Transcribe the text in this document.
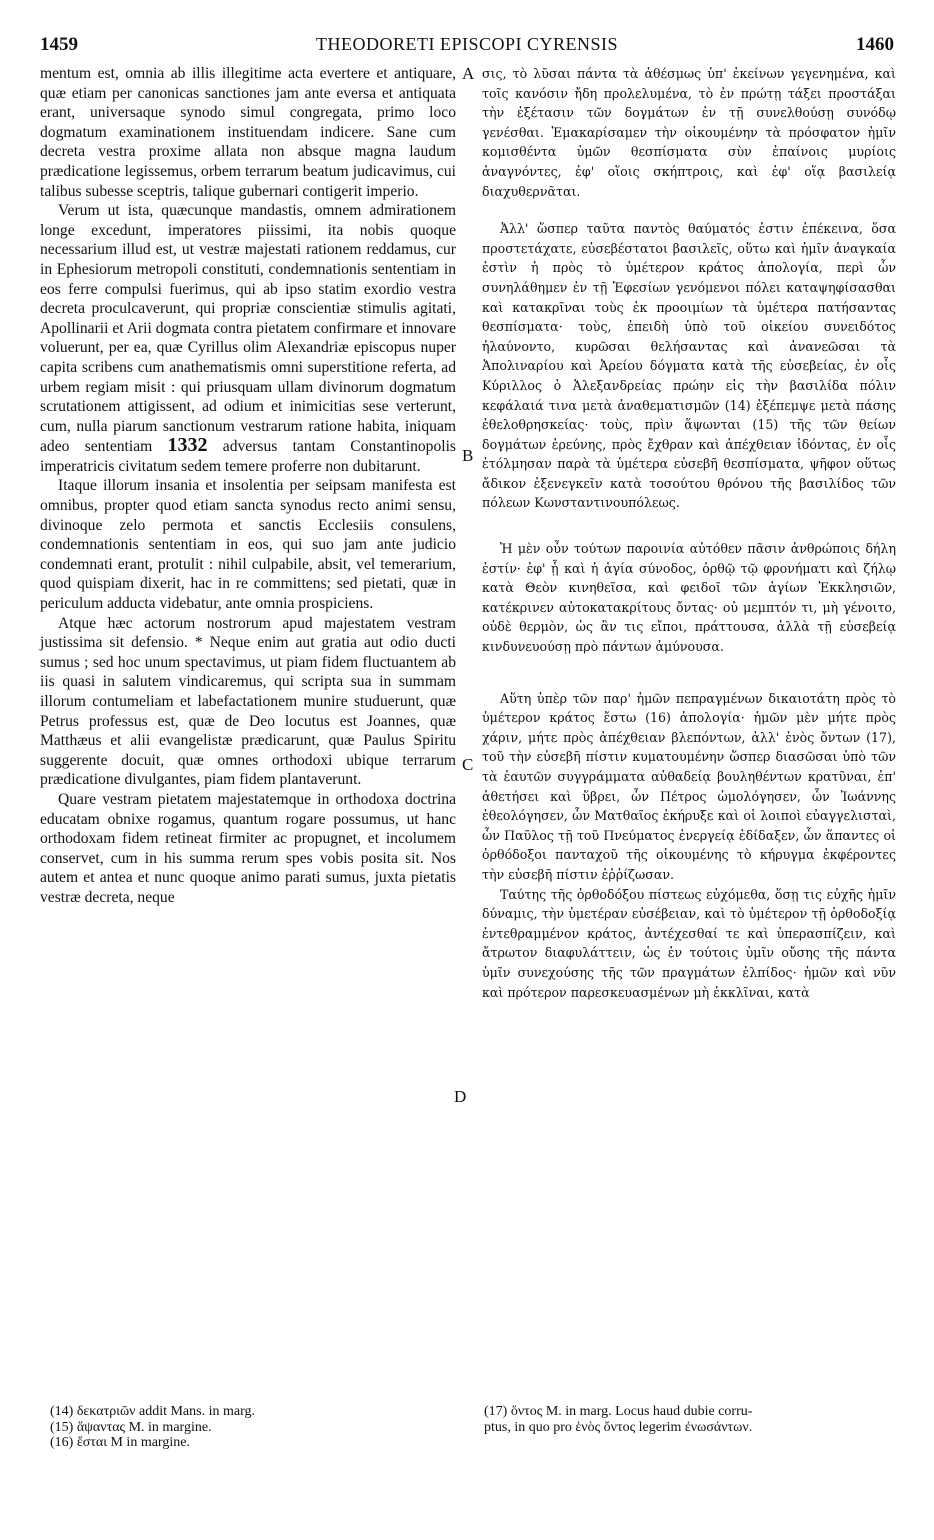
1459	THEODORETI EPISCOPI CYRENSIS	1460
A
B
C
D

mentum est, omnia ab illis illegitime acta evertere et antiquare, quæ etiam per canonicas sanctiones jam ante eversa et antiquata erant, universaque synodo simul congregata, primo loco dogmatum examinationem instituendam indicere. Sane cum decreta vestra proxime allata non absque magna laudum prædicatione legissemus, orbem terrarum beatum judicavimus, cui talibus subesse sceptris, talique gubernari contigerit imperio.

Verum ut ista, quæcunque mandastis, omnem admirationem longe excedunt, imperatores piissimi, ita nobis quoque necessarium illud est, ut vestræ majestati rationem reddamus, cur in Ephesiorum metropoli constituti, condemnationis sententiam in eos ferre compulsi fuerimus, qui ab ipso statim exordio vestra decreta proculcaverunt, qui propriæ conscientiæ stimulis agitati, Apollinarii et Arii dogmata contra pietatem confirmare et innovare voluerunt, per ea, quæ Cyrillus olim Alexandriæ episcopus nuper capita scribens cum anathematismis omni superstitione referta, ad urbem regiam misit : qui priusquam ullam divinorum dogmatum scrutationem attigissent, ad odium et inimicitias sese verterunt, cum, nulla piarum sanctionum vestrarum ratione habita, iniquam adeo sententiam 1332 adversus tantam Constantinopolis imperatricis civitatum sedem temere proferre non dubitarunt.

Itaque illorum insania et insolentia per seipsam manifesta est omnibus, propter quod etiam sancta synodus recto animi sensu, divinoque zelo permota et sanctis Ecclesiis consulens, condemnationis sententiam in eos, qui suo jam ante judicio condemnati erant, protulit : nihil culpabile, absit, vel temerarium, quod quispiam dixerit, hac in re committens; sed pietati, quæ in periculum adducta videbatur, ante omnia prospiciens.

Atque hæc actorum nostrorum apud majestatem vestram justissima sit defensio. * Neque enim aut gratia aut odio ducti sumus ; sed hoc unum spectavimus, ut piam fidem fluctuantem ab iis quasi in salutem vindicaremus, qui scripta sua in summam illorum contumeliam et labefactationem munire studuerunt, quæ Petrus professus est, quæ de Deo locutus est Joannes, quæ Matthæus et alii evangelistæ prædicarunt, quæ Paulus Spiritu suggerente docuit, quæ omnes orthodoxi ubique terrarum prædicatione divulgantes, piam fidem plantaverunt.

Quare vestram pietatem majestatemque in orthodoxa doctrina educatam obnixe rogamus, quantum rogare possumus, ut hanc orthodoxam fidem retineat firmiter ac propugnet, et incolumem conservet, cum in his summa rerum spes vobis posita sit. Nos autem et antea et nunc quoque animo parati sumus, juxta pietatis vestræ decreta, neque

σις, τὸ λῦσαι πάντα τὰ ἀθέσμως ὑπ' ἐκείνων γεγενημένα, καὶ τοῖς κανόσιν ἤδη προλελυμένα, τὸ ἐν πρώτῃ τάξει προστάξαι τὴν ἐξέτασιν τῶν δογμάτων ἐν τῇ συνελθούσῃ συνόδῳ γενέσθαι. Ἐμακαρίσαμεν τὴν οἰκουμένην τὰ πρόσφατον ἡμῖν κομισθέντα ὑμῶν θεσπίσματα σὺν ἐπαίνοις μυρίοις ἀναγνόντες, ἐφ' οἵοις σκήπτροις, καὶ ἐφ' οἵᾳ βασιλείᾳ διαχυθερνᾶται.

Ἀλλ' ὥσπερ ταῦτα παντὸς θαύματός ἐστιν ἐπέκεινα, ὅσα προστετάχατε, εὐσεβέστατοι βασιλεῖς, οὕτω καὶ ἡμῖν ἀναγκαία ἐστὶν ἡ πρὸς τὸ ὑμέτερον κράτος ἀπολογία, περὶ ὧν συνηλάθημεν ἐν τῇ Ἐφεσίων γενόμενοι πόλει καταψηφίσασθαι καὶ κατακρῖναι τοὺς ἐκ προοιμίων τὰ ὑμέτερα πατήσαντας θεσπίσματα· τοὺς, ἐπειδὴ ὑπὸ τοῦ οἰκείου συνειδότος ἠλαύνοντο, κυρῶσαι θελήσαντας καὶ ἀνανεῶσαι τὰ Ἀπολιναρίου καὶ Ἀρείου δόγματα κατὰ τῆς εὐσεβείας, ἐν οἷς Κύριλλος ὁ Ἀλεξανδρείας πρώην εἰς τὴν βασιλίδα πόλιν κεφάλαιά τινα μετὰ ἀναθεματισμῶν (14) ἐξέπεμψε μετὰ πάσης ἐθελοθρησκείας· τοὺς, πρὶν ἅψωνται (15) τῆς τῶν θείων δογμάτων ἐρεύνης, πρὸς ἔχθραν καὶ ἀπέχθειαν ἰδόντας, ἐν οἷς ἐτόλμησαν παρὰ τὰ ὑμέτερα εὐσεβῆ θεσπίσματα, ψῆφον οὕτως ἄδικον ἐξενεγκεῖν κατὰ τοσούτου θρόνου τῆς βασιλίδος τῶν πόλεων Κωνσταντινουπόλεως.

Ἡ μὲν οὖν τούτων παροινία αὐτόθεν πᾶσιν ἀνθρώποις δήλη ἐστίν· ἐφ' ᾗ καὶ ἡ ἁγία σύνοδος, ὀρθῷ τῷ φρονήματι καὶ ζήλῳ κατὰ Θεὸν κινηθεῖσα, καὶ φειδοῖ τῶν ἁγίων Ἐκκλησιῶν, κατέκρινεν αὐτοκατακρίτους ὄντας· οὐ μεμπτόν τι, μὴ γένοιτο, οὐδὲ θερμὸν, ὡς ἂν τις εἴποι, πράττουσα, ἀλλὰ τῇ εὐσεβείᾳ κινδυνευούσῃ πρὸ πάντων ἀμύνουσα.

Αὕτη ὑπὲρ τῶν παρ' ἡμῶν πεπραγμένων δικαιοτάτη πρὸς τὸ ὑμέτερον κράτος ἔστω (16) ἀπολογία· ἡμῶν μὲν μήτε πρὸς χάριν, μήτε πρὸς ἀπέχθειαν βλεπόντων, ἀλλ' ἑνὸς ὄντων (17), τοῦ τὴν εὐσεβῆ πίστιν κυματουμένην ὥσπερ διασῶσαι ὑπὸ τῶν τὰ ἑαυτῶν συγγράμματα αὐθαδείᾳ βουληθέντων κρατῦναι, ἐπ' ἀθετήσει καὶ ὕβρει, ὧν Πέτρος ὡμολόγησεν, ὧν Ἰωάννης ἐθεολόγησεν, ὧν Ματθαῖος ἐκήρυξε καὶ οἱ λοιποὶ εὐαγγελισταὶ, ὧν Παῦλος τῇ τοῦ Πνεύματος ἐνεργείᾳ ἐδίδαξεν, ὧν ἅπαντες οἱ ὀρθόδοξοι πανταχοῦ τῆς οἰκουμένης τὸ κήρυγμα ἐκφέροντες τὴν εὐσεβῆ πίστιν ἐῤῥίζωσαν.

Ταύτης τῆς ὀρθοδόξου πίστεως εὐχόμεθα, ὅσῃ τις εὐχῆς ἡμῖν δύναμις, τὴν ὑμετέραν εὐσέβειαν, καὶ τὸ ὑμέτερον τῇ ὀρθοδοξίᾳ ἐντεθραμμένον κράτος, ἀντέχεσθαί τε καὶ ὑπερασπίζειν, καὶ ἄτρωτον διαφυλάττειν, ὡς ἐν τούτοις ὑμῖν οὔσης τῆς πάντα ὑμῖν συνεχούσης τῆς τῶν πραγμάτων ἐλπίδος· ἡμῶν καὶ νῦν καὶ πρότερον παρεσκευασμένων μὴ ἐκκλῖναι, κατὰ

(14) δεκατριῶν addit Mans. in marg.
(15) ἅψαντας M. in margine.
(16) ἔσται M in margine.
(17) ὄντος M. in marg. Locus haud dubie corru-
ptus, in quo pro ἑνὸς ὄντος legerim ἐνωσάντων.
